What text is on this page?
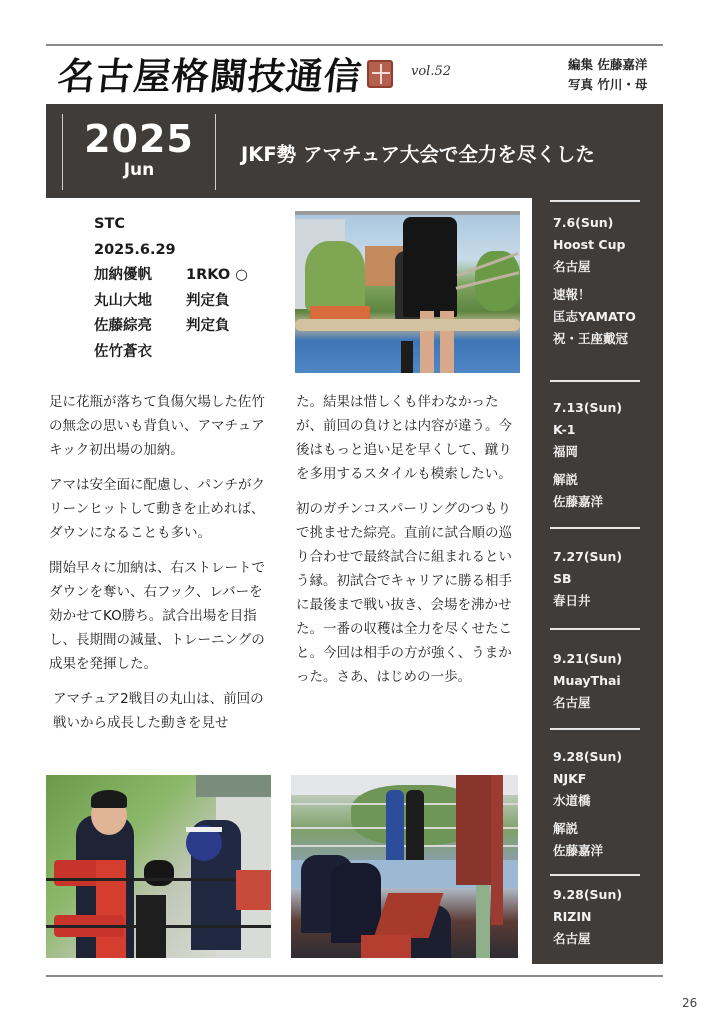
名古屋格闘技通信	vol.52	編集 佐藤嘉洋
写真 竹川・母
2025
Jun
JKF勢 アマチュア大会で全力を尽くした
STC
2025.6.29
加納優帆	1RKO ○
丸山大地	判定負
佐藤綜亮	判定負
佐竹蒼衣

足に花瓶が落ちて負傷欠場した佐竹の無念の思いも背負い、アマチュアキック初出場の加納。

アマは安全面に配慮し、パンチがクリーンヒットして動きを止めれば、ダウンになることも多い。

開始早々に加納は、右ストレートでダウンを奪い、右フック、レバーを効かせてKO勝ち。試合出場を目指し、長期間の減量、トレーニングの成果を発揮した。

アマチュア2戦目の丸山は、前回の戦いから成長した動きを見せ

た。結果は惜しくも伴わなかったが、前回の負けとは内容が違う。今後はもっと追い足を早くして、蹴りを多用するスタイルも模索したい。

初のガチンコスパーリングのつもりで挑ませた綜亮。直前に試合順の巡り合わせで最終試合に組まれるという縁。初試合でキャリアに勝る相手に最後まで戦い抜き、会場を沸かせた。一番の収穫は全力を尽くせたこと。今回は相手の方が強く、うまかった。さあ、はじめの一歩。

7.6(Sun)
Hoost Cup
名古屋
速報！
匡志YAMATO
祝・王座戴冠
7.13(Sun)
K-1
福岡
解説
佐藤嘉洋
7.27(Sun)
SB
春日井
9.21(Sun)
MuayThai
名古屋
9.28(Sun)
NJKF
水道橋
解説
佐藤嘉洋
9.28(Sun)
RIZIN
名古屋
26
